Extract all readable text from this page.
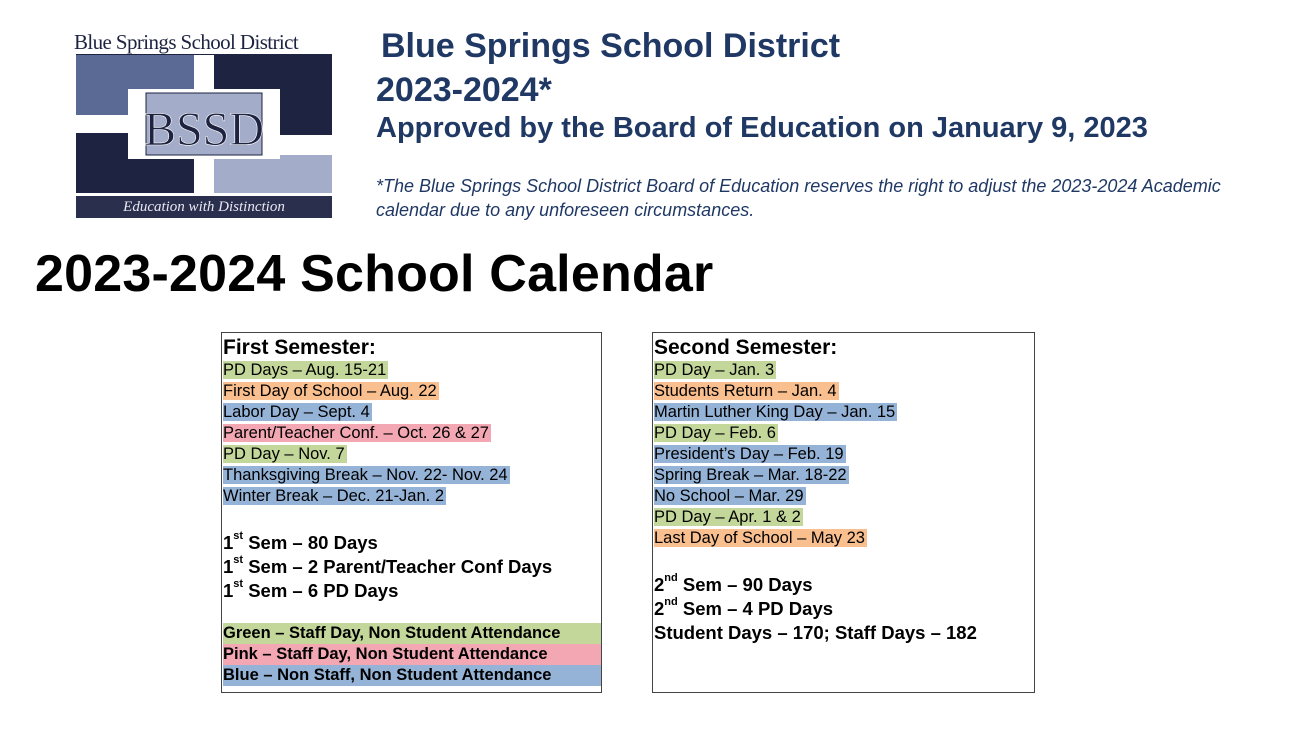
Blue Springs School District
BSSD
Education with Distinction
Blue Springs School District
2023-2024*
Approved by the Board of Education on January 9, 2023
*The Blue Springs School District Board of Education reserves the right to adjust the 2023-2024 Academic calendar due to any unforeseen circumstances.
2023-2024 School Calendar
First Semester:
PD Days – Aug. 15-21
First Day of School – Aug. 22
Labor Day – Sept. 4
Parent/Teacher Conf. – Oct. 26 & 27
PD Day – Nov. 7
Thanksgiving Break – Nov. 22- Nov. 24
Winter Break – Dec. 21-Jan. 2
1st Sem – 80 Days
1st Sem – 2 Parent/Teacher Conf Days
1st Sem – 6 PD Days
Green – Staff Day, Non Student Attendance
Pink – Staff Day, Non Student Attendance
Blue – Non Staff, Non Student Attendance
Second Semester:
PD Day – Jan. 3
Students Return – Jan. 4
Martin Luther King Day – Jan. 15
PD Day – Feb. 6
President’s Day – Feb. 19
Spring Break – Mar. 18-22
No School – Mar. 29
PD Day – Apr. 1 & 2
Last Day of School – May 23
2nd Sem – 90 Days
2nd Sem – 4 PD Days
Student Days – 170; Staff Days – 182
